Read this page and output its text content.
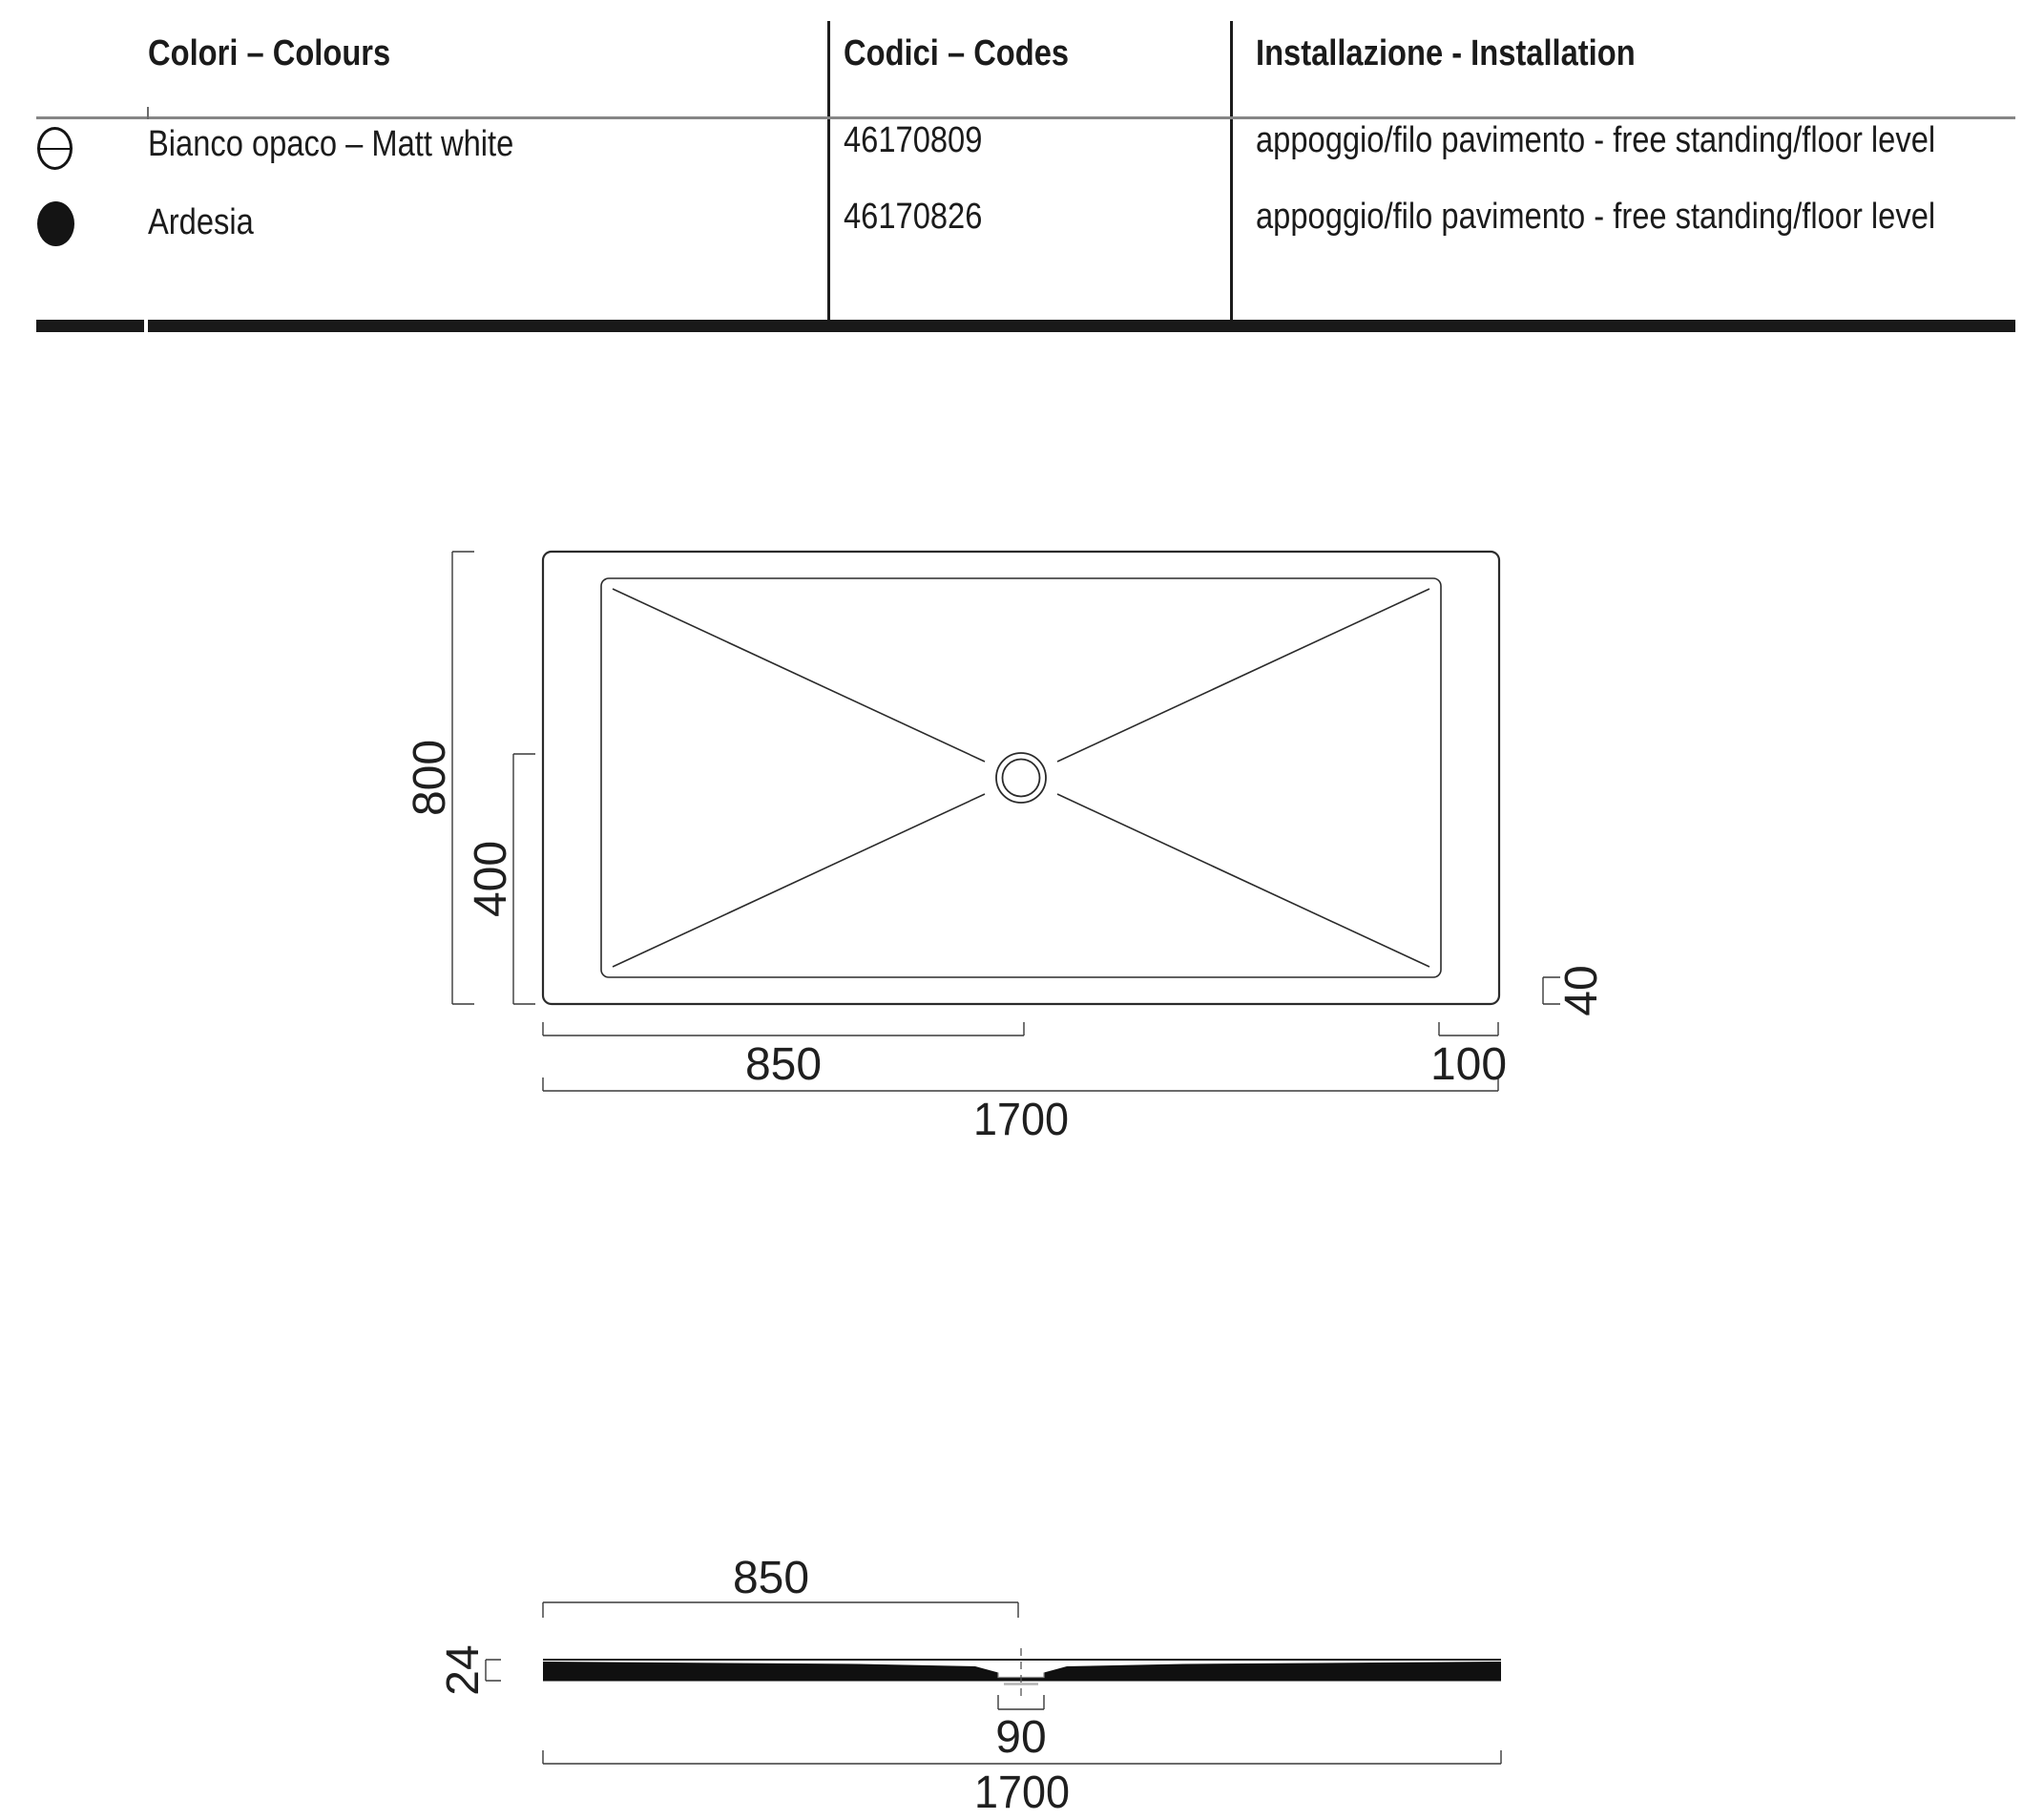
Colori – Colours	Codici – Codes	Installazione - Installation
Bianco opaco – Matt white	46170809	appoggio/filo pavimento - free standing/floor level
Ardesia	46170826	appoggio/filo pavimento - free standing/floor level
800
400
850	100
1700
40
850
24
90
1700
